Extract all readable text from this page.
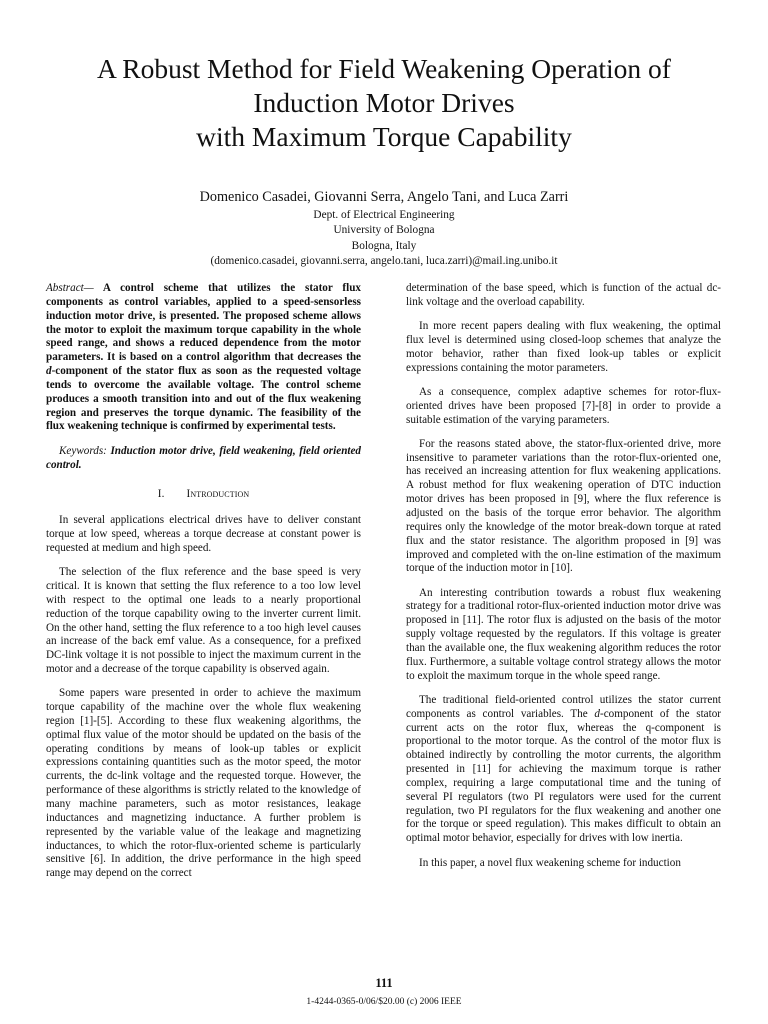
A Robust Method for Field Weakening Operation of
Induction Motor Drives
with Maximum Torque Capability
Domenico Casadei, Giovanni Serra, Angelo Tani, and Luca Zarri
Dept. of Electrical Engineering
University of Bologna
Bologna, Italy
(domenico.casadei, giovanni.serra, angelo.tani, luca.zarri)@mail.ing.unibo.it

Abstract— A control scheme that utilizes the stator flux components as control variables, applied to a speed-sensorless induction motor drive, is presented. The proposed scheme allows the motor to exploit the maximum torque capability in the whole speed range, and shows a reduced dependence from the motor parameters. It is based on a control algorithm that decreases the d-component of the stator flux as soon as the requested voltage tends to overcome the available voltage. The control scheme produces a smooth transition into and out of the flux weakening region and preserves the torque dynamic. The feasibility of the flux weakening technique is confirmed by experimental tests.

Keywords: Induction motor drive, field weakening, field oriented control.

I. Introduction

In several applications electrical drives have to deliver constant torque at low speed, whereas a torque decrease at constant power is requested at medium and high speed.

The selection of the flux reference and the base speed is very critical. It is known that setting the flux reference to a too low level with respect to the optimal one leads to a nearly proportional reduction of the torque capability owing to the inverter current limit. On the other hand, setting the flux reference to a too high level causes an increase of the back emf value. As a consequence, for a prefixed DC-link voltage it is not possible to inject the maximum current in the motor and a decrease of the torque capability is observed again.

Some papers ware presented in order to achieve the maximum torque capability of the machine over the whole flux weakening region [1]-[5]. According to these flux weakening algorithms, the optimal flux value of the motor should be updated on the basis of the operating conditions by means of look-up tables or explicit expressions containing quantities such as the motor speed, the motor currents, the dc-link voltage and the requested torque. However, the performance of these algorithms is strictly related to the knowledge of many machine parameters, such as motor resistances, leakage inductances and magnetizing inductance. A further problem is represented by the variable value of the leakage and magnetizing inductances, to which the rotor-flux-oriented scheme is particularly sensitive [6]. In addition, the drive performance in the high speed range may depend on the correct

determination of the base speed, which is function of the actual dc-link voltage and the overload capability.

In more recent papers dealing with flux weakening, the optimal flux level is determined using closed-loop schemes that analyze the motor behavior, rather than fixed look-up tables or explicit expressions containing the motor parameters.

As a consequence, complex adaptive schemes for rotor-flux-oriented drives have been proposed [7]-[8] in order to provide a suitable estimation of the varying parameters.

For the reasons stated above, the stator-flux-oriented drive, more insensitive to parameter variations than the rotor-flux-oriented one, has received an increasing attention for flux weakening applications. A robust method for flux weakening operation of DTC induction motor drives has been proposed in [9], where the flux reference is adjusted on the basis of the torque error behavior. The algorithm requires only the knowledge of the motor break-down torque at rated flux and the stator resistance. The algorithm proposed in [9] was improved and completed with the on-line estimation of the maximum torque of the induction motor in [10].

An interesting contribution towards a robust flux weakening strategy for a traditional rotor-flux-oriented induction motor drive was proposed in [11]. The rotor flux is adjusted on the basis of the motor supply voltage requested by the regulators. If this voltage is greater than the available one, the flux weakening algorithm reduces the rotor flux. Furthermore, a suitable voltage control strategy allows the motor to exploit the maximum torque in the whole speed range.

The traditional field-oriented control utilizes the stator current components as control variables. The d-component of the stator current acts on the rotor flux, whereas the q-component is proportional to the motor torque. As the control of the motor flux is obtained indirectly by controlling the motor currents, the algorithm presented in [11] for achieving the maximum torque is rather complex, requiring a large computational time and the tuning of several PI regulators (two PI regulators were used for the current regulation, two PI regulators for the flux weakening and another one for the torque or speed regulation). This makes difficult to obtain an optimal motor behavior, especially for drives with low inertia.

In this paper, a novel flux weakening scheme for induction

111
1-4244-0365-0/06/$20.00 (c) 2006 IEEE
